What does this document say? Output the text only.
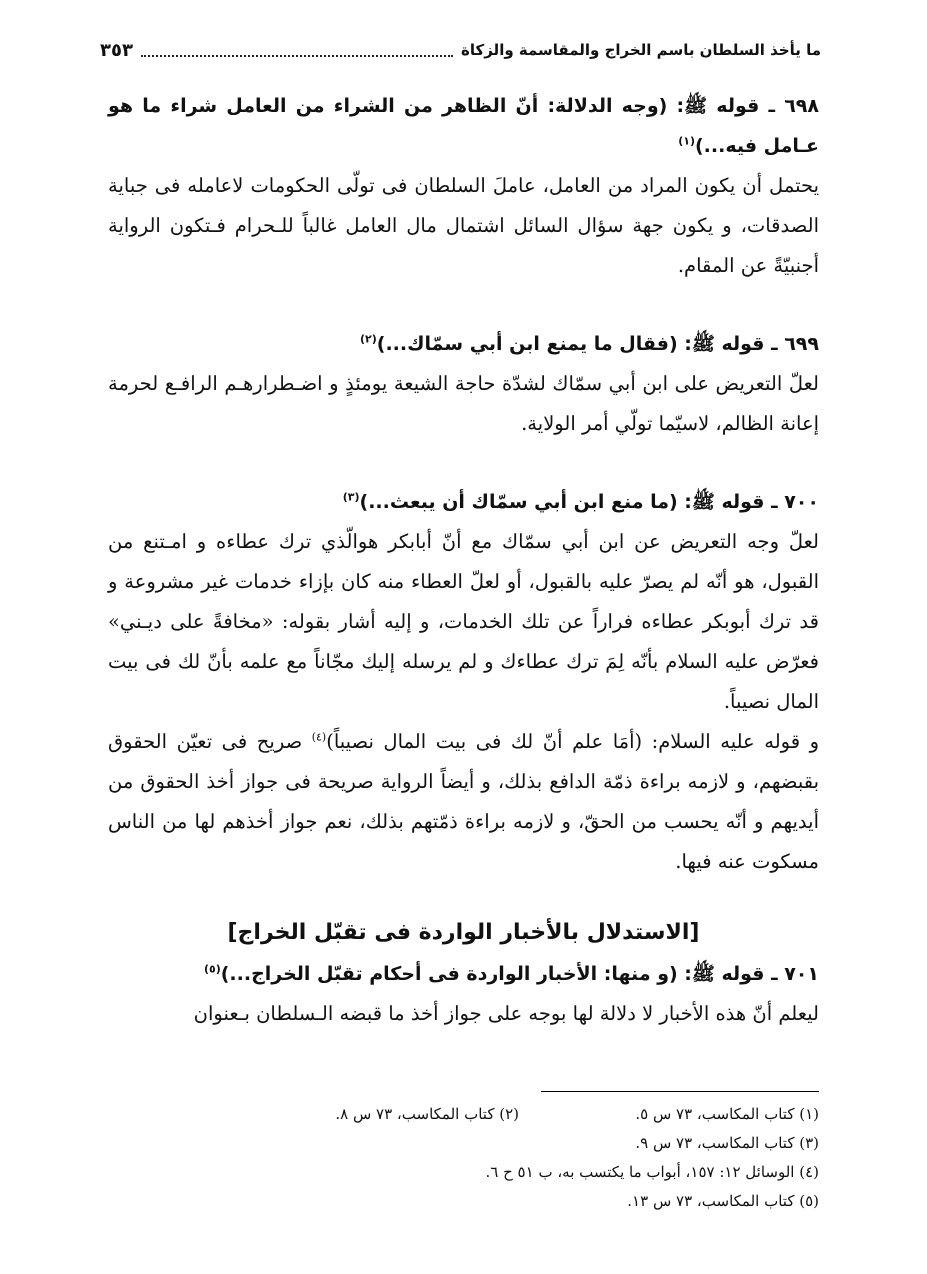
ما يأخذ السلطان باسم الخراج والمقاسمة والزكاة
٣٥٣

٦٩٨ ـ قوله ﷺ: (وجه الدلالة: أنّ الظاهر من الشراء من العامل شراء ما هو عـامل فيه...)$^{(١)}$

يحتمل أن يكون المراد من العامل، عاملَ السلطان فى تولّى الحكومات لاعامله فى جباية الصدقات، و يكون جهة سؤال السائل اشتمال مال العامل غالباً للـحرام فـتكون الرواية أجنبيّةً عن المقام.

٦٩٩ ـ قوله ﷺ: (فقال ما يمنع ابن أبي سمّاك...)$^{(٢)}$

لعلّ التعريض على ابن أبي سمّاك لشدّة حاجة الشيعة يومئذٍ و اضـطرارهـم الرافـع لحرمة إعانة الظالم، لاسيّما تولّي أمر الولاية.

٧٠٠ ـ قوله ﷺ: (ما منع ابن أبي سمّاك أن يبعث...)$^{(٣)}$

لعلّ وجه التعريض عن ابن أبي سمّاك مع أنّ أبابكر هوالّذي ترك عطاءه و امـتنع من القبول، هو أنّه لم يصرّ عليه بالقبول، أو لعلّ العطاء منه كان بإزاء خدمات غير مشروعة و قد ترك أبوبكر عطاءه فراراً عن تلك الخدمات، و إليه أشار بقوله: «مخافةً على ديـني» فعرّض عليه السلام بأنّه لِمَ ترك عطاءك و لم يرسله إليك مجّاناً مع علمه بأنّ لك فى بيت المال نصيباً.

و قوله عليه السلام: (أمَا علم أنّ لك فى بيت المال نصيباً)$^{(٤)}$ صريح فى تعيّن الحقوق بقبضهم، و لازمه براءة ذمّة الدافع بذلك، و أيضاً الرواية صريحة فى جواز أخذ الحقوق من أيديهم و أنّه يحسب من الحقّ، و لازمه براءة ذمّتهم بذلك، نعم جواز أخذهم لها من الناس مسكوت عنه فيها.

[الاستدلال بالأخبار الواردة فى تقبّل الخراج]

٧٠١ ـ قوله ﷺ: (و منها: الأخبار الواردة فى أحكام تقبّل الخراج...)$^{(٥)}$

ليعلم أنّ هذه الأخبار لا دلالة لها بوجه على جواز أخذ ما قبضه الـسلطان بـعنوان

(١) كتاب المكاسب، ٧٣ س ٥.
(٢) كتاب المكاسب، ٧٣ س ٨.
(٣) كتاب المكاسب، ٧٣ س ٩.
(٤) الوسائل ١٢: ١٥٧، أبواب ما يكتسب به، ب ٥١ ح ٦.
(٥) كتاب المكاسب، ٧٣ س ١٣.
